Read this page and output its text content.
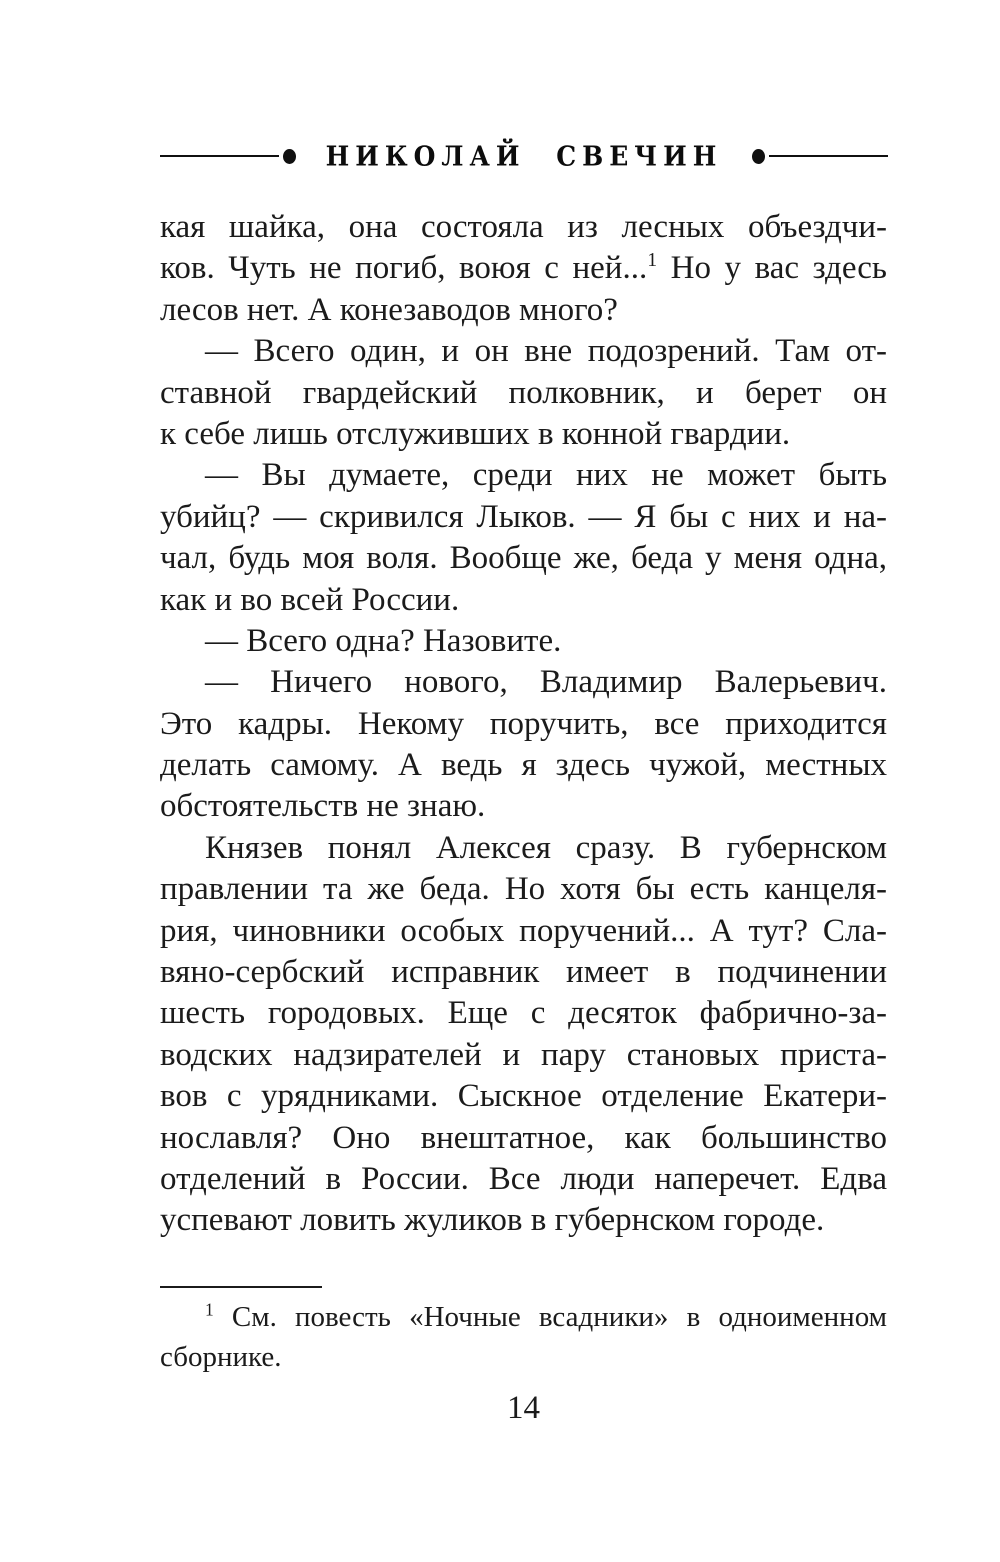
НИКОЛАЙ СВЕЧИН
кая шайка, она состояла из лесных объездчи-
ков. Чуть не погиб, воюя с ней...$^1$ Но у вас здесь
лесов нет. А конезаводов много?
— Всего один, и он вне подозрений. Там от-
ставной гвардейский полковник, и берет он
к себе лишь отслуживших в конной гвардии.
— Вы думаете, среди них не может быть
убийц? — скривился Лыков. — Я бы с них и на-
чал, будь моя воля. Вообще же, беда у меня одна,
как и во всей России.
— Всего одна? Назовите.
— Ничего нового, Владимир Валерьевич.
Это кадры. Некому поручить, все приходится
делать самому. А ведь я здесь чужой, местных
обстоятельств не знаю.
Князев понял Алексея сразу. В губернском
правлении та же беда. Но хотя бы есть канцеля-
рия, чиновники особых поручений... А тут? Сла-
вяно-сербский исправник имеет в подчинении
шесть городовых. Еще с десяток фабрично-за-
водских надзирателей и пару становых приста-
вов с урядниками. Сыскное отделение Екатери-
нославля? Оно внештатное, как большинство
отделений в России. Все люди наперечет. Едва
успевают ловить жуликов в губернском городе.
$^1$ См. повесть «Ночные всадники» в одноименном
сборнике.
14
